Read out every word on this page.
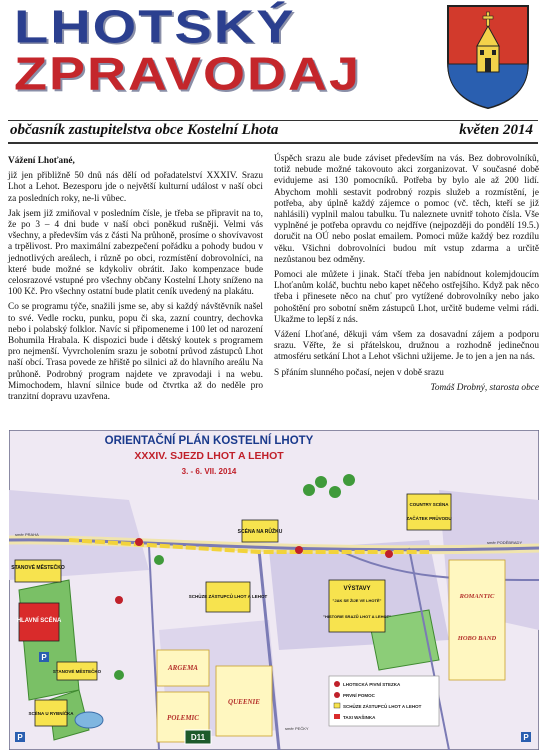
LHOTSKÝ
ZPRAVODAJ
občasník zastupitelstva obce Kostelní Lhota	květen 2014

Vážení Lhoťané,

již jen přibližně 50 dnů nás dělí od pořadatelství XXXIV. Srazu Lhot a Lehot. Bezesporu jde o největší kulturní událost v naší obci za posledních roky, ne-li vůbec.

Jak jsem již zmiňoval v posledním čísle, je třeba se připravit na to, že po 3 – 4 dni bude v naší obci poněkud rušněji. Velmi vás všechny, a především vás z části Na průhoně, prosíme o shovívavost a trpělivost. Pro maximální zabezpečení pořádku a pohody budou v jednotlivých areálech, i různě po obci, rozmístění dobrovolníci, na které bude možné se kdykoliv obrátit. Jako kompenzace bude celosrazové vstupné pro všechny občany Kostelní Lhoty sníženo na 100 Kč. Pro všechny ostatní bude platit ceník uvedený na plakátu.

Co se programu týče, snažili jsme se, aby si každý návštěvník našel to své. Vedle rocku, punku, popu či ska, zazní country, dechovka nebo i polabský folklor. Navíc si připomeneme i 100 let od narození Bohumila Hrabala. K dispozici bude i dětský koutek s programem pro nejmenší. Vyvrcholením srazu je sobotní průvod zástupců Lhot naší obcí. Trasa povede ze hřiště po silnici až do hlavního areálu Na průhoně. Podrobný program najdete ve zpravodaji i na webu. Mimochodem, hlavní silnice bude od čtvrtka až do neděle pro tranzitní dopravu uzavřena.

Úspěch srazu ale bude záviset především na vás. Bez dobrovolníků, totiž nebude možné takovouto akci zorganizovat. V současné době evidujeme asi 130 pomocníků. Potřeba by bylo ale až 200 lidí. Abychom mohli sestavit podrobný rozpis služeb a rozmístění, je potřeba, aby úplně každý zájemce o pomoc (vč. těch, kteří se již nahlásili) vyplnil malou tabulku. Tu naleznete uvnitř tohoto čísla. Vše vyplněné je potřeba opravdu co nejdříve (nejpozději do pondělí 19.5.) doručit na OÚ nebo poslat emailem. Pomoci může každý bez rozdílu věku. Všichni dobrovolníci budou mít vstup zdarma a určitě nezůstanou bez odměny.

Pomoci ale můžete i jinak. Stačí třeba jen nabídnout kolemjdoucím Lhoťanům koláč, buchtu nebo kapet něčeho ostřejšího. Když pak něco třeba i přinesete něco na chuť pro vytížené dobrovolníky nebo jako pohoštění pro sobotní sněm zástupců Lhot, určitě budeme velmi rádi. Ukažme to lepší z nás.

Vážení Lhoťané, děkuji vám všem za dosavadní zájem a podporu srazu. Věřte, že si přátelskou, družnou a rozhodně jedinečnou atmosféru setkání Lhot a Lehot všichni užijeme. Je to jen a jen na nás.

S přáním slunného počasí, nejen v době srazu

Tomáš Drobný, starosta obce

ORIENTAČNÍ PLÁN KOSTELNÍ LHOTY
XXXIV. SJEZD LHOT A LEHOT
3. - 6. VII. 2014
STANOVÉ MĚSTEČKO
HLAVNÍ SCÉNA
STANOVÉ MĚSTEČKO
SCÉNA U RYBNÍČKA
SCÉNA NA RŮŽKU
SCHŮZE ZÁSTUPCŮ LHOT A LEHOT
VÝSTAVY
"JAK SE ŽIJE VE LHOTĚ"
"HISTORIE SRAZŮ LHOT A LEHOT"
COUNTRY SCÉNA
ZAČÁTEK PRŮVODU
ARGEMA
POLEMIC
QUEENIE
ROMANTIC
HOBO BAND
LHOTECKÁ PIVNÍ STEZKA
PRVNÍ POMOC
SCHŮZE ZÁSTUPCŮ LHOT A LEHOT
TAXI WAŠINKA
D11
směr PRAHA
směr PODĚBRADY
směr PEČKY
P
P	P
